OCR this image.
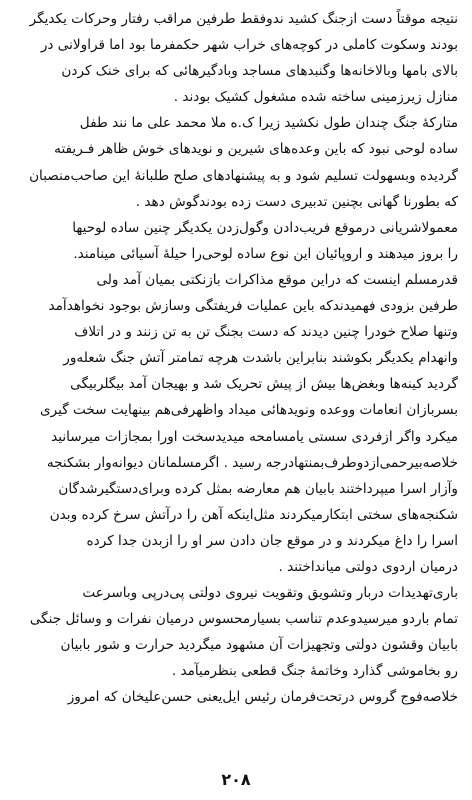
نتیجه موقتاً دست ازجنگ کشید ندوفقط طرفین مراقب رفتار وحرکات یکدیگر
بودند وسکوت کاملی در کوچه‌های خراب شهر حکمفرما بود اما قراولانی در
بالای بامها وبالاخانه‌ها وگنبدهای مساجد وبادگیرهائی که برای خنک کردن
منازل زیرزمینی ساخته شده مشغول کشیک بودند .

متارکهٔ جنگ چندان طول نکشید زیرا ک.ه ملا محمد علی ما نند طفل
ساده لوحی نبود که باین وعده‌های شیرین و نویدهای خوش ظاهر فـریفته
گردیده وبسهولت تسلیم شود و به پیشنهادهای صلح طلبانهٔ این صاحب‌منصبان
که بطورنا گهانی بچنین تدبیری دست زده بودندگوش دهد .

معمولاشریانی درموقع فریب‌دادن وگول‌زدن یکدیگر چنین ساده لوحیها
را بروز میدهند و اروپائیان این نوع ساده لوحی‌را حیلهٔ آسیائی مینامند.

قدرمسلم اینست که دراین موقع مذاکرات بازنکتی بمیان آمد ولی
طرفین بزودی فهمیدندکه باین عملیات فریفتگی وسازش بوجود نخواهدآمد
وتنها صلاح خودرا چنین دیدند که دست بجنگ تن به تن زنند و در اتلاف
وانهدام یکدیگر بکوشند بنابراین باشدت هرچه تمامتر آتش جنگ شعله‌ور
گردید کینه‌ها وبغض‌ها بیش از پیش تحریک شد و بهیجان آمد بیگلربیگی
بسربازان انعامات ووعده ونویدهائی میداد واظهرفی‌هم بینهایت سخت گیری
میکرد واگر ازفردی سستی یامسامحه میدیدسخت اورا بمجازات میرسانید
خلاصه‌بیرحمی‌ازدوطرف‌بمنتهادرجه رسید . اگرمسلمانان دیوانه‌وار بشکنجه
وآزار اسرا میپرداختند بابیان هم معارضه بمثل کرده وبرای‌دستگیرشدگان
شکنجه‌های سختی ابتکارمیکردند مثل‌اینکه آهن را درآتش سرخ کرده وبدن
اسرا را داغ میکردند و در موقع جان دادن سر او را ازبدن جدا کرده
درمیان اردوی دولتی میانداختند .

باری‌تهدیدات دربار وتشویق وتقویت نیروی دولتی پی‌درپی وباسرعت
تمام باردو میرسیدوعدم تناسب بسیارمحسوس درمیان نفرات و وسائل جنگی
بابیان وقشون دولتی وتجهیزات آن مشهود میگردید حرارت و شور بابیان
رو بخاموشی گذارد وخاتمهٔ جنگ قطعی بنظرمیآمد .

خلاصه‌فوج گروس درتحت‌فرمان رئیس ایل‌یعنی حسن‌علیخان که امروز

۲۰۸
